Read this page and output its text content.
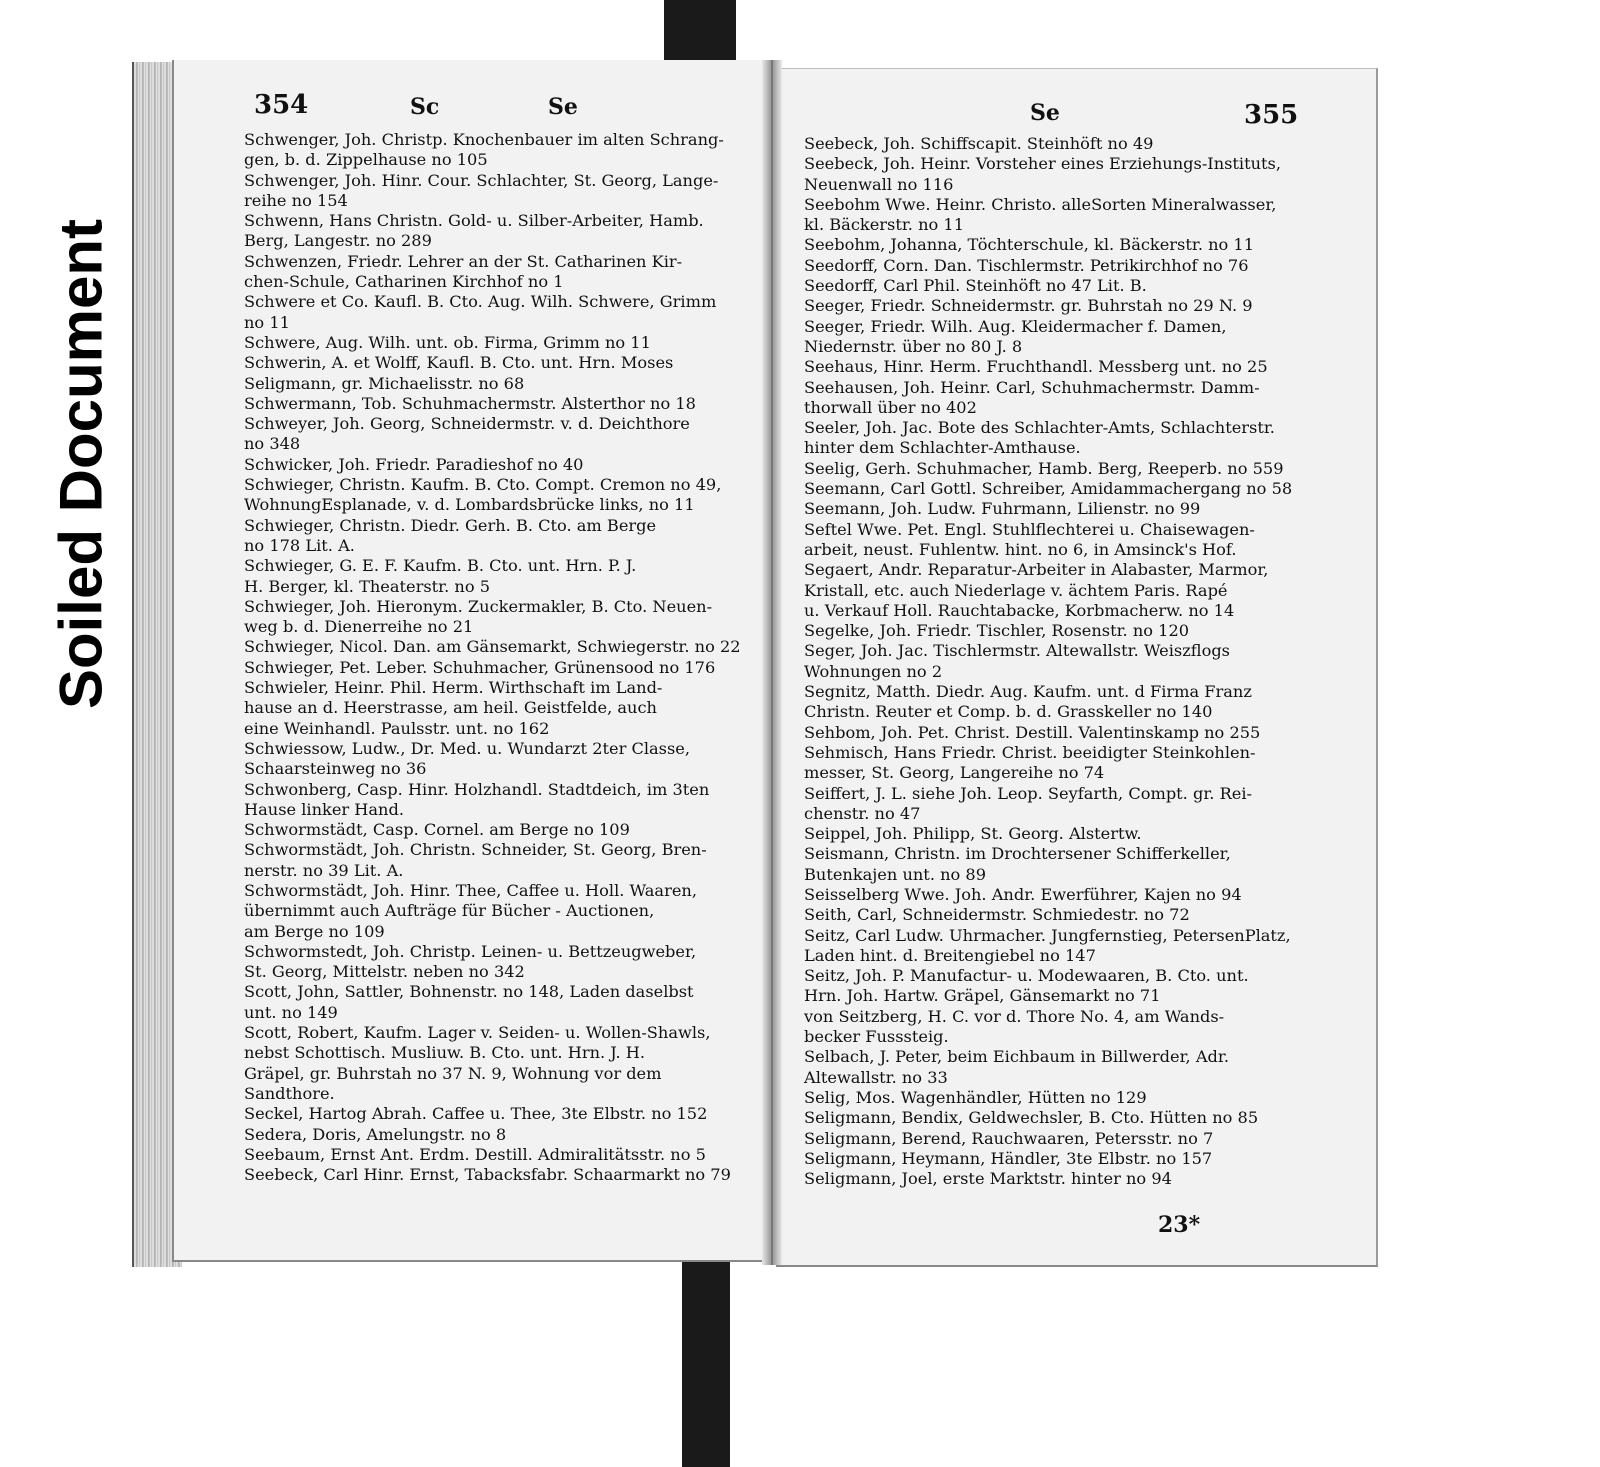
Soiled Document
354	Sc	Se	Se	355
Schwenger, Joh. Christp. Knochenbauer im alten Schrang-
gen, b. d. Zippelhause no 105
Schwenger, Joh. Hinr. Cour. Schlachter, St. Georg, Lange-
reihe no 154
Schwenn, Hans Christn. Gold- u. Silber-Arbeiter, Hamb.
Berg, Langestr. no 289
Schwenzen, Friedr. Lehrer an der St. Catharinen Kir-
chen-Schule, Catharinen Kirchhof no 1
Schwere et Co. Kaufl. B. Cto. Aug. Wilh. Schwere, Grimm
no 11
Schwere, Aug. Wilh. unt. ob. Firma, Grimm no 11
Schwerin, A. et Wolff, Kaufl. B. Cto. unt. Hrn. Moses
Seligmann, gr. Michaelisstr. no 68
Schwermann, Tob. Schuhmachermstr. Alsterthor no 18
Schweyer, Joh. Georg, Schneidermstr. v. d. Deichthore
no 348
Schwicker, Joh. Friedr. Paradieshof no 40
Schwieger, Christn. Kaufm. B. Cto. Compt. Cremon no 49,
WohnungEsplanade, v. d. Lombardsbrücke links, no 11
Schwieger, Christn. Diedr. Gerh. B. Cto. am Berge
no 178 Lit. A.
Schwieger, G. E. F. Kaufm. B. Cto. unt. Hrn. P. J.
H. Berger, kl. Theaterstr. no 5
Schwieger, Joh. Hieronym. Zuckermakler, B. Cto. Neuen-
weg b. d. Dienerreihe no 21
Schwieger, Nicol. Dan. am Gänsemarkt, Schwiegerstr. no 22
Schwieger, Pet. Leber. Schuhmacher, Grünensood no 176
Schwieler, Heinr. Phil. Herm. Wirthschaft im Land-
hause an d. Heerstrasse, am heil. Geistfelde, auch
eine Weinhandl. Paulsstr. unt. no 162
Schwiessow, Ludw., Dr. Med. u. Wundarzt 2ter Classe,
Schaarsteinweg no 36
Schwonberg, Casp. Hinr. Holzhandl. Stadtdeich, im 3ten
Hause linker Hand.
Schwormstädt, Casp. Cornel. am Berge no 109
Schwormstädt, Joh. Christn. Schneider, St. Georg, Bren-
nerstr. no 39 Lit. A.
Schwormstädt, Joh. Hinr. Thee, Caffee u. Holl. Waaren,
übernimmt auch Aufträge für Bücher - Auctionen,
am Berge no 109
Schwormstedt, Joh. Christp. Leinen- u. Bettzeugweber,
St. Georg, Mittelstr. neben no 342
Scott, John, Sattler, Bohnenstr. no 148, Laden daselbst
unt. no 149
Scott, Robert, Kaufm. Lager v. Seiden- u. Wollen-Shawls,
nebst Schottisch. Musliuw. B. Cto. unt. Hrn. J. H.
Gräpel, gr. Buhrstah no 37 N. 9, Wohnung vor dem
Sandthore.
Seckel, Hartog Abrah. Caffee u. Thee, 3te Elbstr. no 152
Sedera, Doris, Amelungstr. no 8
Seebaum, Ernst Ant. Erdm. Destill. Admiralitätsstr. no 5
Seebeck, Carl Hinr. Ernst, Tabacksfabr. Schaarmarkt no 79
Seebeck, Joh. Schiffscapit. Steinhöft no 49
Seebeck, Joh. Heinr. Vorsteher eines Erziehungs-Instituts,
Neuenwall no 116
Seebohm Wwe. Heinr. Christo. alleSorten Mineralwasser,
kl. Bäckerstr. no 11
Seebohm, Johanna, Töchterschule, kl. Bäckerstr. no 11
Seedorff, Corn. Dan. Tischlermstr. Petrikirchhof no 76
Seedorff, Carl Phil. Steinhöft no 47 Lit. B.
Seeger, Friedr. Schneidermstr. gr. Buhrstah no 29 N. 9
Seeger, Friedr. Wilh. Aug. Kleidermacher f. Damen,
Niedernstr. über no 80 J. 8
Seehaus, Hinr. Herm. Fruchthandl. Messberg unt. no 25
Seehausen, Joh. Heinr. Carl, Schuhmachermstr. Damm-
thorwall über no 402
Seeler, Joh. Jac. Bote des Schlachter-Amts, Schlachterstr.
hinter dem Schlachter-Amthause.
Seelig, Gerh. Schuhmacher, Hamb. Berg, Reeperb. no 559
Seemann, Carl Gottl. Schreiber, Amidammachergang no 58
Seemann, Joh. Ludw. Fuhrmann, Lilienstr. no 99
Seftel Wwe. Pet. Engl. Stuhlflechterei u. Chaisewagen-
arbeit, neust. Fuhlentw. hint. no 6, in Amsinck's Hof.
Segaert, Andr. Reparatur-Arbeiter in Alabaster, Marmor,
Kristall, etc. auch Niederlage v. ächtem Paris. Rapé
u. Verkauf Holl. Rauchtabacke, Korbmacherw. no 14
Segelke, Joh. Friedr. Tischler, Rosenstr. no 120
Seger, Joh. Jac. Tischlermstr. Altewallstr. Weiszflogs
Wohnungen no 2
Segnitz, Matth. Diedr. Aug. Kaufm. unt. d Firma Franz
Christn. Reuter et Comp. b. d. Grasskeller no 140
Sehbom, Joh. Pet. Christ. Destill. Valentinskamp no 255
Sehmisch, Hans Friedr. Christ. beeidigter Steinkohlen-
messer, St. Georg, Langereihe no 74
Seiffert, J. L. siehe Joh. Leop. Seyfarth, Compt. gr. Rei-
chenstr. no 47
Seippel, Joh. Philipp, St. Georg. Alstertw.
Seismann, Christn. im Drochtersener Schifferkeller,
Butenkajen unt. no 89
Seisselberg Wwe. Joh. Andr. Ewerführer, Kajen no 94
Seith, Carl, Schneidermstr. Schmiedestr. no 72
Seitz, Carl Ludw. Uhrmacher. Jungfernstieg, PetersenPlatz,
Laden hint. d. Breitengiebel no 147
Seitz, Joh. P. Manufactur- u. Modewaaren, B. Cto. unt.
Hrn. Joh. Hartw. Gräpel, Gänsemarkt no 71
von Seitzberg, H. C. vor d. Thore No. 4, am Wands-
becker Fusssteig.
Selbach, J. Peter, beim Eichbaum in Billwerder, Adr.
Altewallstr. no 33
Selig, Mos. Wagenhändler, Hütten no 129
Seligmann, Bendix, Geldwechsler, B. Cto. Hütten no 85
Seligmann, Berend, Rauchwaaren, Petersstr. no 7
Seligmann, Heymann, Händler, 3te Elbstr. no 157
Seligmann, Joel, erste Marktstr. hinter no 94
23*
